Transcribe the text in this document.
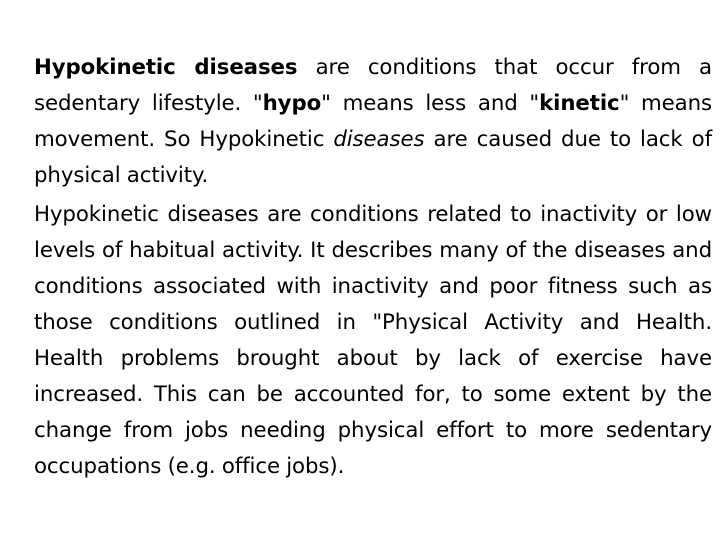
Hypokinetic diseases are conditions that occur from a sedentary lifestyle. "hypo" means less and "kinetic" means movement. So Hypokinetic diseases are caused due to lack of physical activity.

Hypokinetic diseases are conditions related to inactivity or low levels of habitual activity. It describes many of the diseases and conditions associated with inactivity and poor fitness such as those conditions outlined in "Physical Activity and Health. Health problems brought about by lack of exercise have increased. This can be accounted for, to some extent by the change from jobs needing physical effort to more sedentary occupations (e.g. office jobs).
